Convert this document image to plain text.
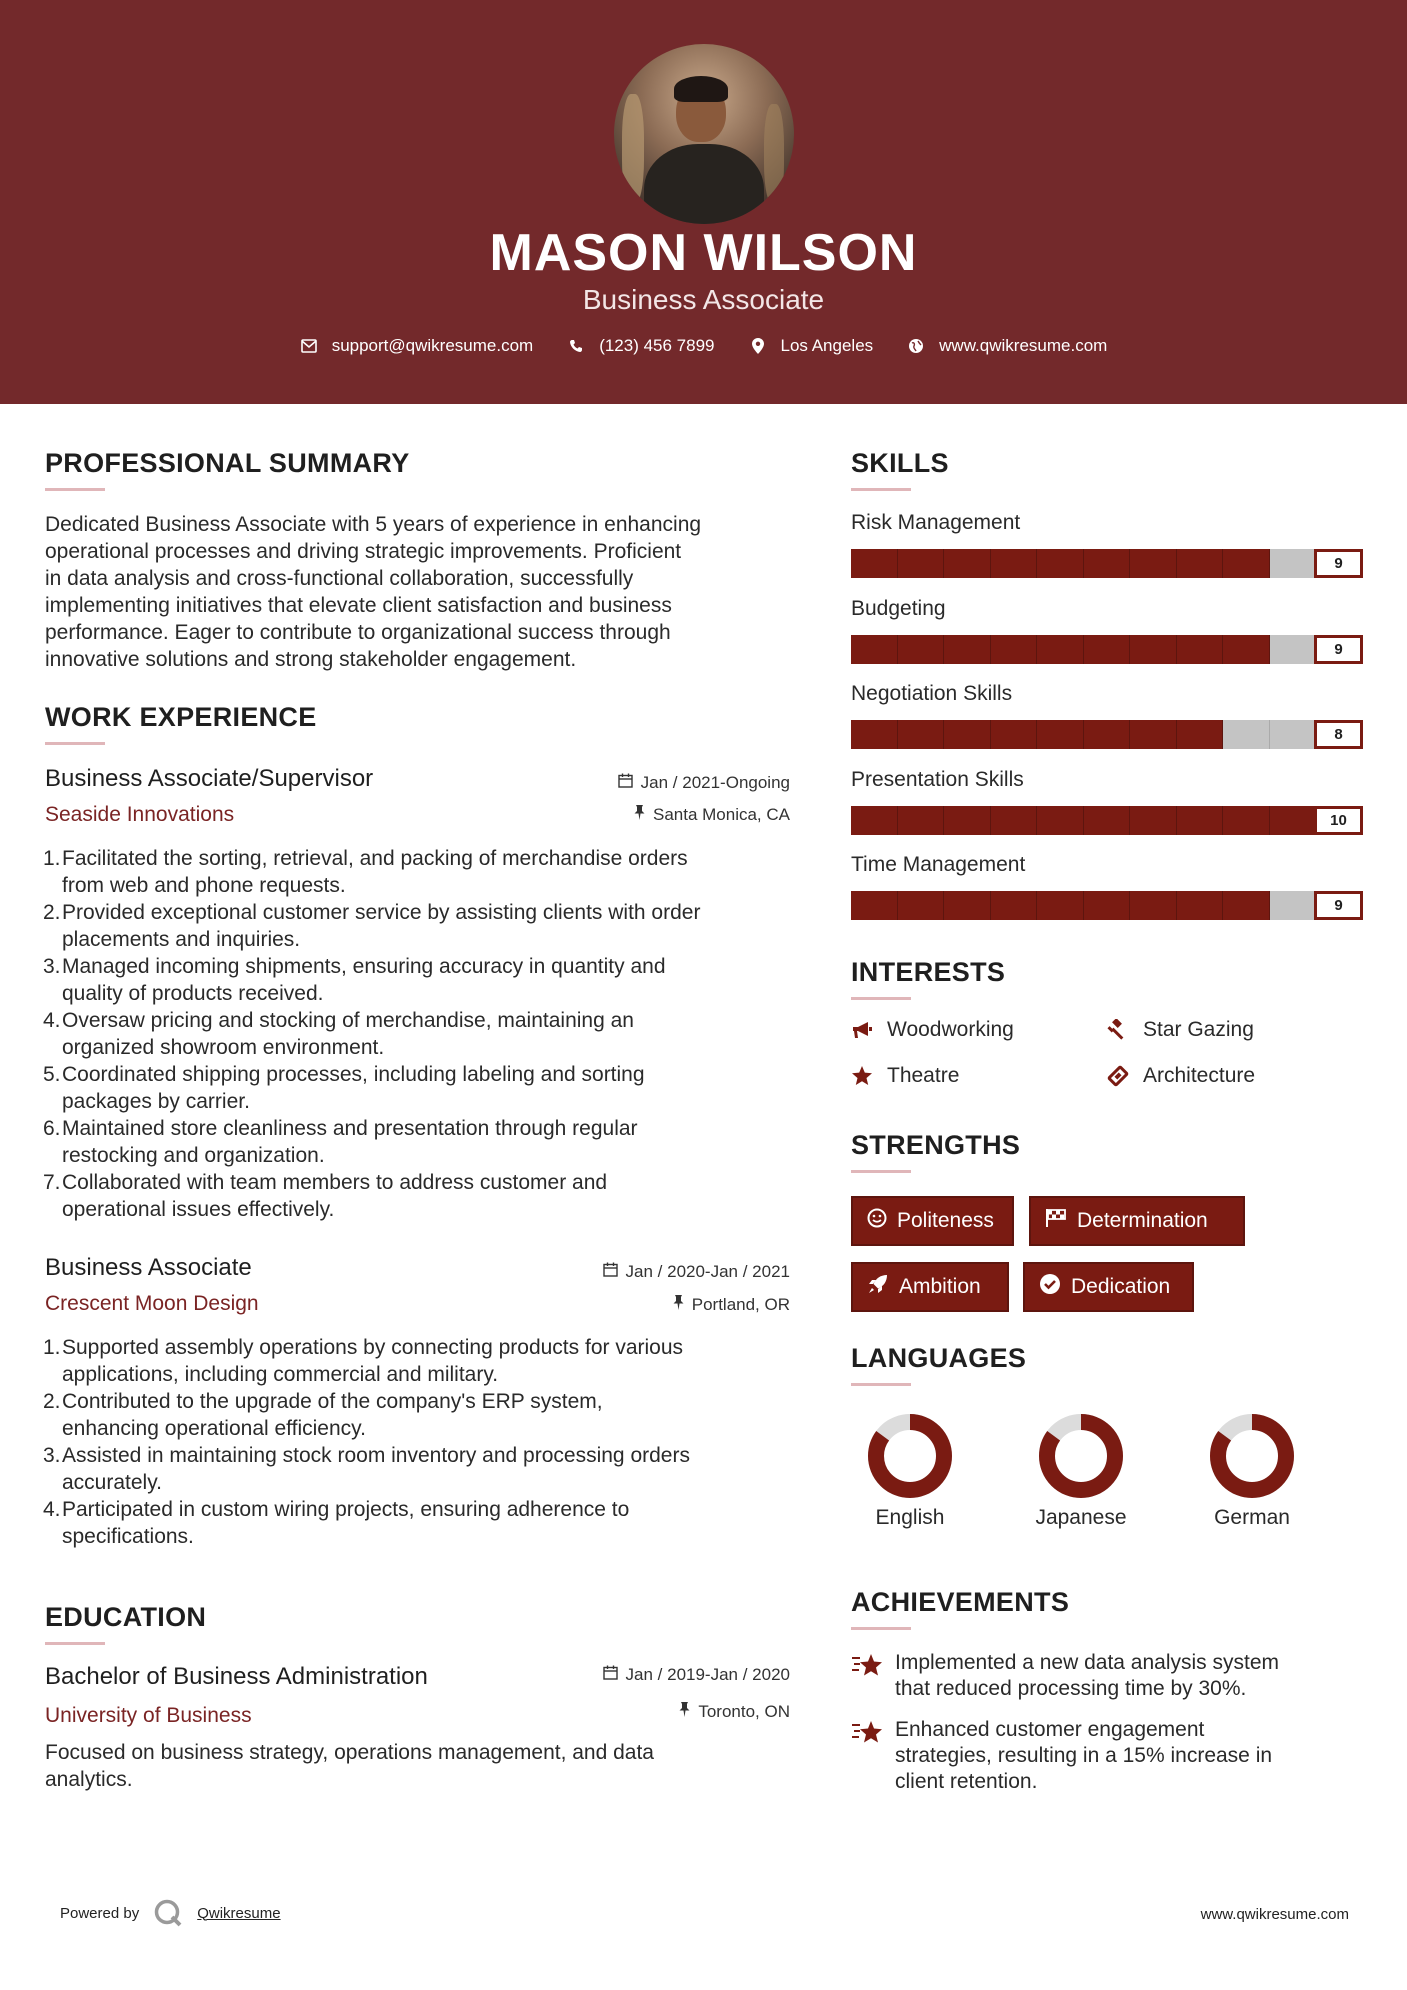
MASON WILSON
Business Associate
support@qwikresume.com	(123) 456 7899	Los Angeles	www.qwikresume.com
PROFESSIONAL SUMMARY
Dedicated Business Associate with 5 years of experience in enhancing
operational processes and driving strategic improvements. Proficient
in data analysis and cross-functional collaboration, successfully
implementing initiatives that elevate client satisfaction and business
performance. Eager to contribute to organizational success through
innovative solutions and strong stakeholder engagement.
WORK EXPERIENCE
Business Associate/Supervisor	Jan / 2021-Ongoing
Seaside Innovations	Santa Monica, CA
1. Facilitated the sorting, retrieval, and packing of merchandise orders
from web and phone requests.
2. Provided exceptional customer service by assisting clients with order
placements and inquiries.
3. Managed incoming shipments, ensuring accuracy in quantity and
quality of products received.
4. Oversaw pricing and stocking of merchandise, maintaining an
organized showroom environment.
5. Coordinated shipping processes, including labeling and sorting
packages by carrier.
6. Maintained store cleanliness and presentation through regular
restocking and organization.
7. Collaborated with team members to address customer and
operational issues effectively.
Business Associate	Jan / 2020-Jan / 2021
Crescent Moon Design	Portland, OR
1. Supported assembly operations by connecting products for various
applications, including commercial and military.
2. Contributed to the upgrade of the company's ERP system,
enhancing operational efficiency.
3. Assisted in maintaining stock room inventory and processing orders
accurately.
4. Participated in custom wiring projects, ensuring adherence to
specifications.
EDUCATION
Bachelor of Business Administration	Jan / 2019-Jan / 2020
University of Business	Toronto, ON
Focused on business strategy, operations management, and data
analytics.
SKILLS
Risk Management
9
Budgeting
9
Negotiation Skills
8
Presentation Skills
10
Time Management
9
INTERESTS
Woodworking	Star Gazing
Theatre	Architecture
STRENGTHS
Politeness	Determination
Ambition	Dedication
LANGUAGES
English	Japanese	German
ACHIEVEMENTS
Implemented a new data analysis system
that reduced processing time by 30%.
Enhanced customer engagement
strategies, resulting in a 15% increase in
client retention.
Powered by	Qwikresume	www.qwikresume.com
